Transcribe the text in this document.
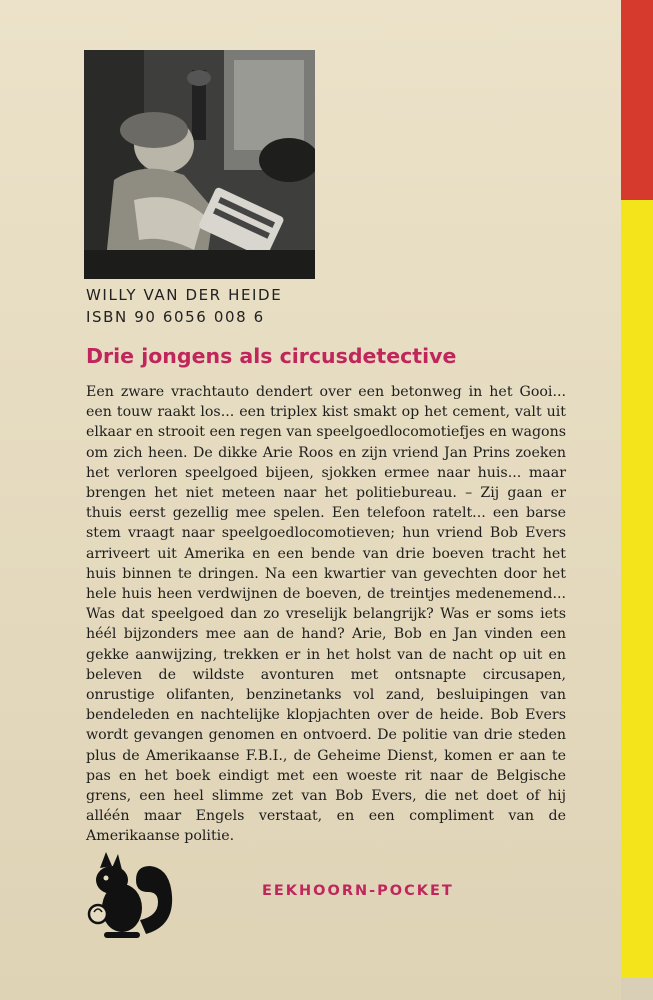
WILLY VAN DER HEIDE
ISBN 90 6056 008 6
Drie jongens als circusdetective

Een zware vrachtauto dendert over een betonweg in het Gooi... een touw raakt los... een triplex kist smakt op het cement, valt uit elkaar en strooit een regen van speelgoedlocomotiefjes en wagons om zich heen. De dikke Arie Roos en zijn vriend Jan Prins zoeken het verloren speelgoed bijeen, sjokken ermee naar huis... maar brengen het niet meteen naar het politiebureau. – Zij gaan er thuis eerst gezellig mee spelen. Een telefoon ratelt... een barse stem vraagt naar speelgoedlocomotieven; hun vriend Bob Evers arriveert uit Amerika en een bende van drie boeven tracht het huis binnen te dringen. Na een kwartier van gevechten door het hele huis heen verdwijnen de boeven, de treintjes medenemend... Was dat speelgoed dan zo vreselijk belangrijk? Was er soms iets héél bijzonders mee aan de hand? Arie, Bob en Jan vinden een gekke aanwijzing, trekken er in het holst van de nacht op uit en beleven de wildste avonturen met ontsnapte circusapen, onrustige olifanten, benzinetanks vol zand, besluipingen van bendeleden en nachtelijke klopjachten over de heide. Bob Evers wordt gevangen genomen en ontvoerd. De politie van drie steden plus de Amerikaanse F.B.I., de Geheime Dienst, komen er aan te pas en het boek eindigt met een woeste rit naar de Belgische grens, een heel slimme zet van Bob Evers, die net doet of hij alléén maar Engels verstaat, en een compliment van de Amerikaanse politie.

EEKHOORN-POCKET
